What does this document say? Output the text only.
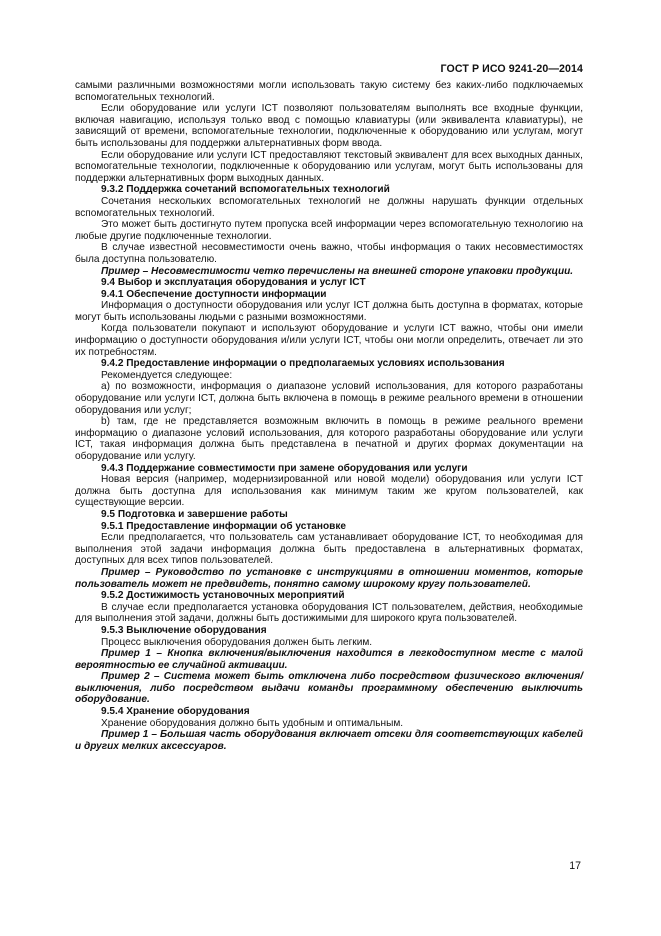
ГОСТ Р ИСО 9241-20—2014

самыми различными возможностями могли использовать такую систему без каких-либо подключаемых вспомогательных технологий.

Если оборудование или услуги ICT позволяют пользователям выполнять все входные функции, включая навигацию, используя только ввод с помощью клавиатуры (или эквивалента клавиатуры), не зависящий от времени, вспомогательные технологии, подключенные к оборудованию или услугам, могут быть использованы для поддержки альтернативных форм ввода.

Если оборудование или услуги ICT предоставляют текстовый эквивалент для всех выходных данных, вспомогательные технологии, подключенные к оборудованию или услугам, могут быть использованы для поддержки альтернативных форм выходных данных.

9.3.2 Поддержка сочетаний вспомогательных технологий

Сочетания нескольких вспомогательных технологий не должны нарушать функции отдельных вспомогательных технологий.

Это может быть достигнуто путем пропуска всей информации через вспомогательную технологию на любые другие подключенные технологии.

В случае известной несовместимости очень важно, чтобы информация о таких несовместимостях была доступна пользователю.

Пример – Несовместимости четко перечислены на внешней стороне упаковки продукции.

9.4 Выбор и эксплуатация оборудования и услуг ICT

9.4.1 Обеспечение доступности информации

Информация о доступности оборудования или услуг ICT должна быть доступна в форматах, которые могут быть использованы людьми с разными возможностями.

Когда пользователи покупают и используют оборудование и услуги ICT важно, чтобы они имели информацию о доступности оборудования и/или услуги ICT, чтобы они могли определить, отвечает ли это их потребностям.

9.4.2 Предоставление информации о предполагаемых условиях использования

Рекомендуется следующее:

a) по возможности, информация о диапазоне условий использования, для которого разработаны оборудование или услуги ICT, должна быть включена в помощь в режиме реального времени в отношении оборудования или услуг;

b) там, где не представляется возможным включить в помощь в режиме реального времени информацию о диапазоне условий использования, для которого разработаны оборудование или услуги ICT, такая информация должна быть представлена в печатной и других формах документации на оборудование или услугу.

9.4.3 Поддержание совместимости при замене оборудования или услуги

Новая версия (например, модернизированной или новой модели) оборудования или услуги ICT должна быть доступна для использования как минимум таким же кругом пользователей, как существующие версии.

9.5 Подготовка и завершение работы

9.5.1 Предоставление информации об установке

Если предполагается, что пользователь сам устанавливает оборудование ICT, то необходимая для выполнения этой задачи информация должна быть предоставлена в альтернативных форматах, доступных для всех типов пользователей.

Пример – Руководство по установке с инструкциями в отношении моментов, которые пользователь может не предвидеть, понятно самому широкому кругу пользователей.

9.5.2 Достижимость установочных мероприятий

В случае если предполагается установка оборудования ICT пользователем, действия, необходимые для выполнения этой задачи, должны быть достижимыми для широкого круга пользователей.

9.5.3 Выключение оборудования

Процесс выключения оборудования должен быть легким.

Пример 1 – Кнопка включения/выключения находится в легкодоступном месте с малой вероятностью ее случайной активации.

Пример 2 – Система может быть отключена либо посредством физического включения/выключения, либо посредством выдачи команды программному обеспечению выключить оборудование.

9.5.4 Хранение оборудования

Хранение оборудования должно быть удобным и оптимальным.

Пример 1 – Большая часть оборудования включает отсеки для соответствующих кабелей и других мелких аксессуаров.

17
